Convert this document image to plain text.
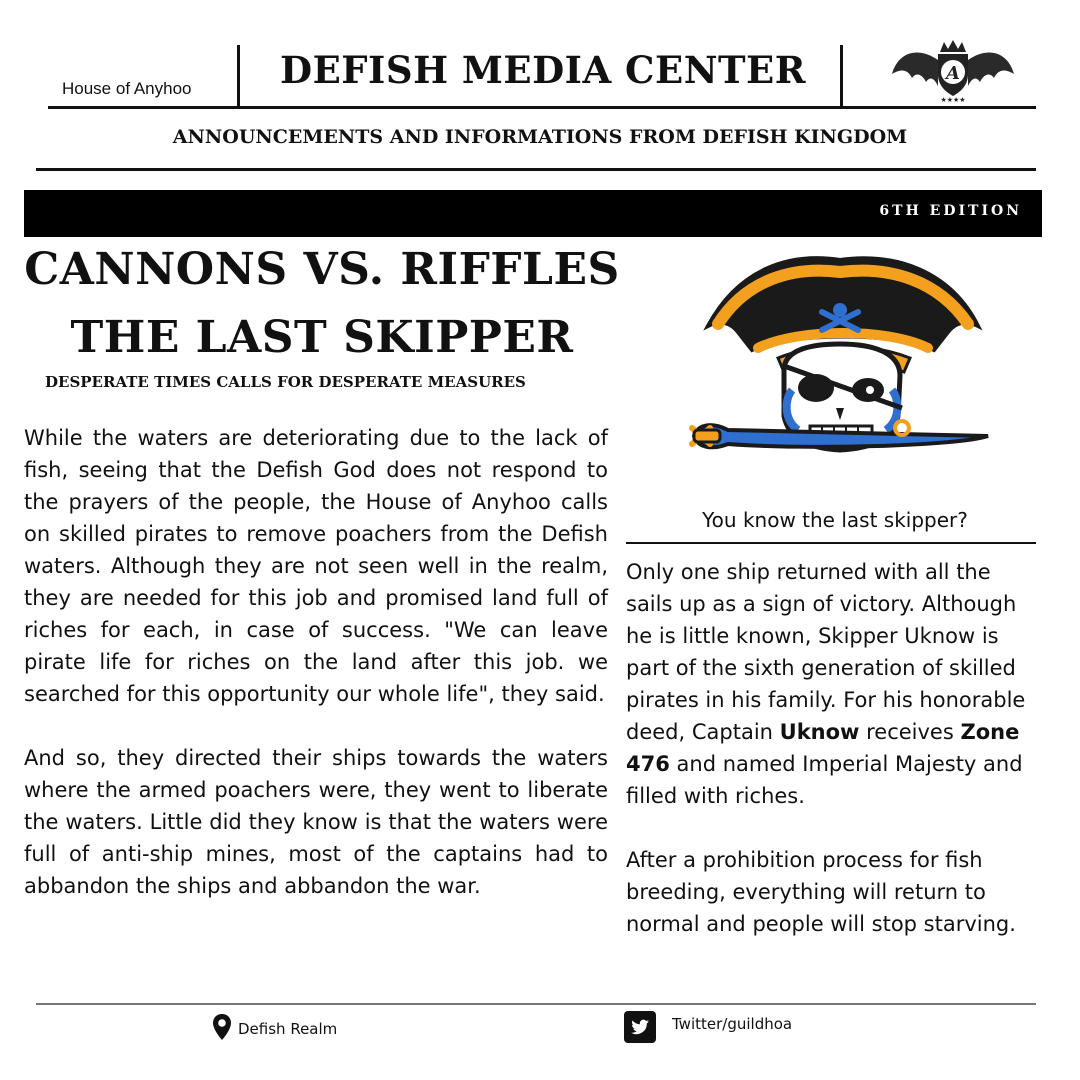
House of Anyhoo	DEFISH MEDIA CENTER	A
★★★★
ANNOUNCEMENTS AND INFORMATIONS FROM DEFISH KINGDOM
6TH EDITION
CANNONS VS. RIFFLES
THE LAST SKIPPER
DESPERATE TIMES CALLS FOR DESPERATE MEASURES
While the waters are deteriorating due to the lack of fish, seeing that the Defish God does not respond to the prayers of the people, the House of Anyhoo calls on skilled pirates to remove poachers from the Defish waters. Although they are not seen well in the realm, they are needed for this job and promised land full of riches for each, in case of success. "We can leave pirate life for riches on the land after this job. we searched for this opportunity our whole life", they said.
And so, they directed their ships towards the waters where the armed poachers were, they went to liberate the waters. Little did they know is that the waters were full of anti-ship mines, most of the captains had to abbandon the ships and abbandon the war.
You know the last skipper?
Only one ship returned with all the sails up as a sign of victory. Although he is little known, Skipper Uknow is part of the sixth generation of skilled pirates in his family. For his honorable deed, Captain Uknow receives Zone 476 and named Imperial Majesty and filled with riches.
After a prohibition process for fish breeding, everything will return to normal and people will stop starving.
Defish Realm	Twitter/guildhoa
